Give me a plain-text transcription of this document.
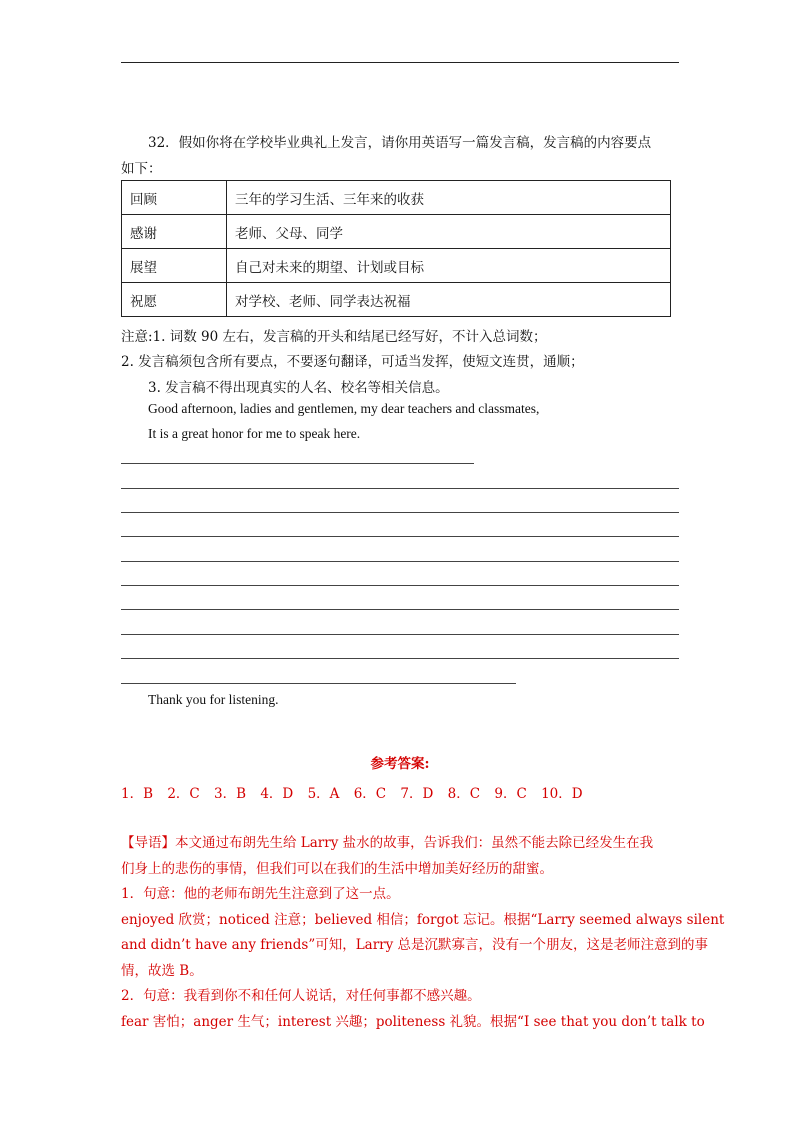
32．假如你将在学校毕业典礼上发言，请你用英语写一篇发言稿，发言稿的内容要点
如下：
回顾	三年的学习生活、三年来的收获
感谢	老师、父母、同学
展望	自己对未来的期望、计划或目标
祝愿	对学校、老师、同学表达祝福
注意:1. 词数 90 左右，发言稿的开头和结尾已经写好，不计入总词数；
2. 发言稿须包含所有要点，不要逐句翻译，可适当发挥，使短文连贯，通顺；
3. 发言稿不得出现真实的人名、校名等相关信息。
Good afternoon, ladies and gentlemen, my dear teachers and classmates,
It is a great honor for me to speak here.
Thank you for listening.
参考答案:
1．B 2．C 3．B 4．D 5．A 6．C 7．D 8．C 9．C 10．D
【导语】本文通过布朗先生给 Larry 盐水的故事，告诉我们：虽然不能去除已经发生在我
们身上的悲伤的事情，但我们可以在我们的生活中增加美好经历的甜蜜。
1．句意：他的老师布朗先生注意到了这一点。
enjoyed 欣赏；noticed 注意；believed 相信；forgot 忘记。根据“Larry seemed always silent
and didn’t have any friends”可知，Larry 总是沉默寡言，没有一个朋友，这是老师注意到的事
情，故选 B。
2．句意：我看到你不和任何人说话，对任何事都不感兴趣。
fear 害怕；anger 生气；interest 兴趣；politeness 礼貌。根据“I see that you don’t talk to
